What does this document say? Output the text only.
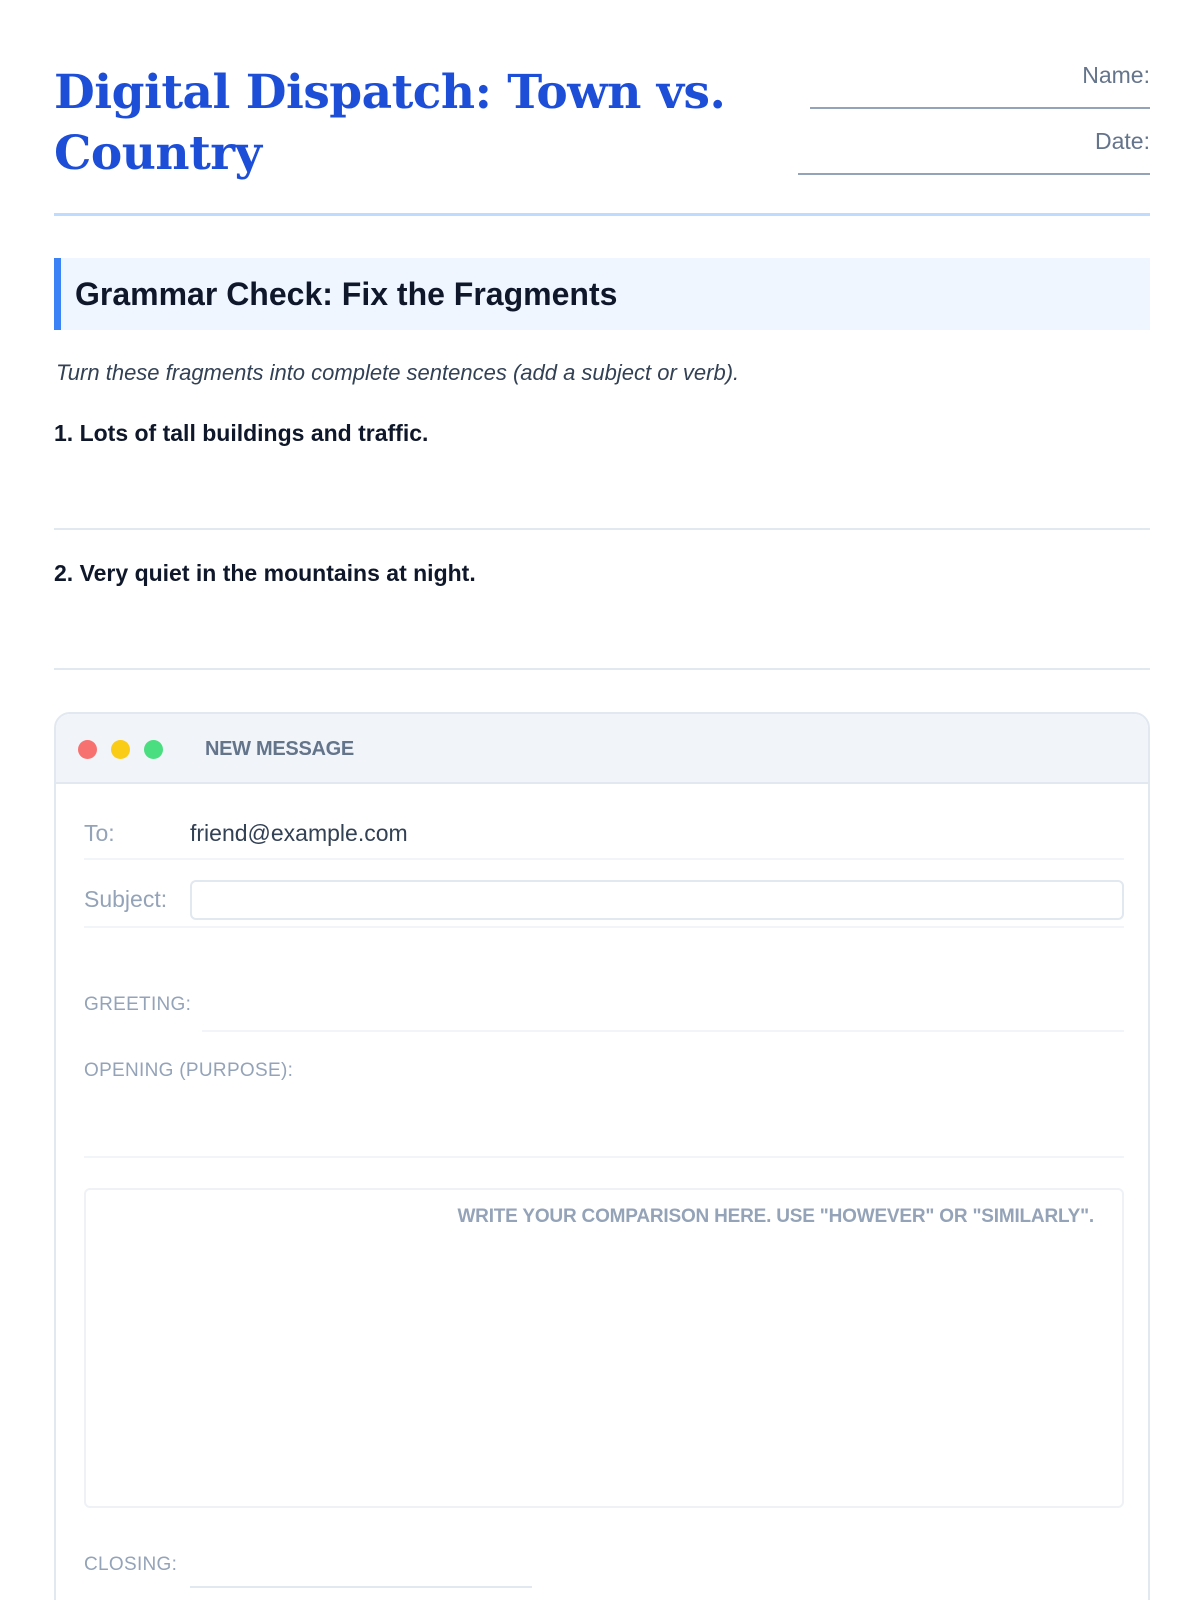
Digital Dispatch: Town vs. Country
Name:
Date:
Grammar Check: Fix the Fragments

Turn these fragments into complete sentences (add a subject or verb).

1. Lots of tall buildings and traffic.

2. Very quiet in the mountains at night.

NEW MESSAGE
To:	friend@example.com
Subject:
GREETING:
OPENING (PURPOSE):
WRITE YOUR COMPARISON HERE. USE "HOWEVER" OR "SIMILARLY".
CLOSING:
